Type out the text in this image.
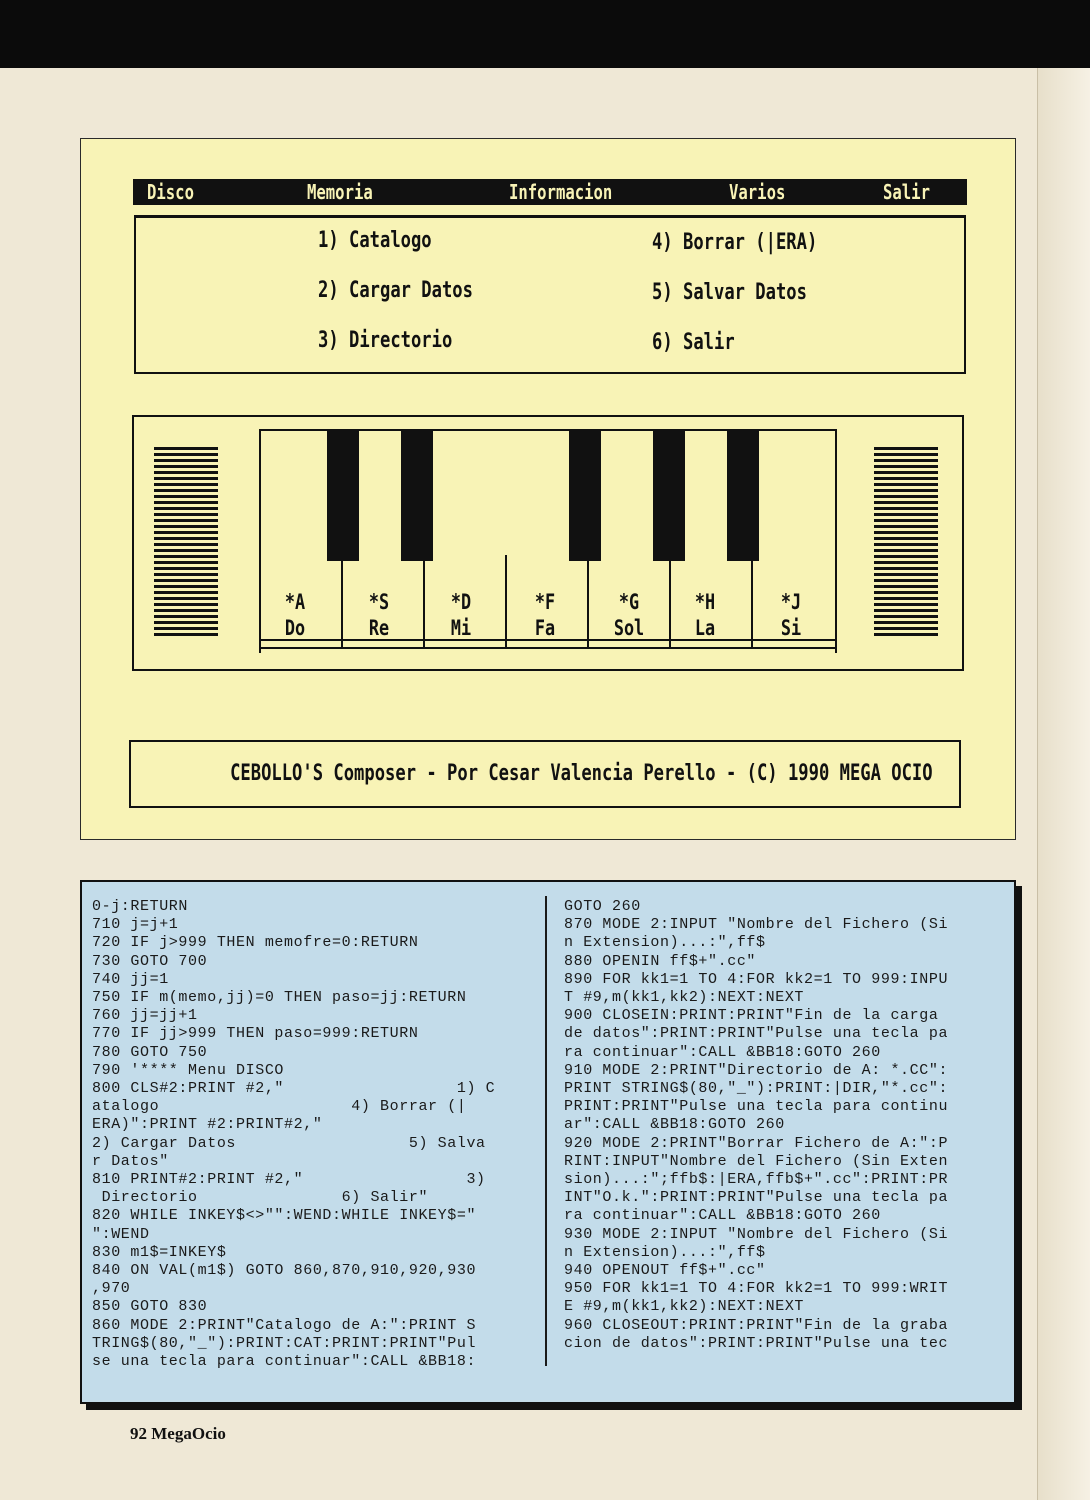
Disco	Memoria	Informacion	Varios	Salir
1) Catalogo
2) Cargar Datos
3) Directorio
4) Borrar (|ERA)
5) Salvar Datos
6) Salir
*A
Do
*S
Re
*D
Mi
*F
Fa
*G
Sol
*H
La
*J
Si
CEBOLLO'S Composer - Por Cesar Valencia Perello - (C) 1990 MEGA OCIO
0-j:RETURN
710 j=j+1
720 IF j>999 THEN memofre=0:RETURN
730 GOTO 700
740 jj=1
750 IF m(memo,jj)=0 THEN paso=jj:RETURN
760 jj=jj+1
770 IF jj>999 THEN paso=999:RETURN
780 GOTO 750
790 '**** Menu DISCO
800 CLS#2:PRINT #2,"                  1) C
atalogo                    4) Borrar (|
ERA)":PRINT #2:PRINT#2,"
2) Cargar Datos                  5) Salva
r Datos"
810 PRINT#2:PRINT #2,"                 3)
Directorio               6) Salir"
820 WHILE INKEY$<>"":WEND:WHILE INKEY$="
":WEND
830 m1$=INKEY$
840 ON VAL(m1$) GOTO 860,870,910,920,930
,970
850 GOTO 830
860 MODE 2:PRINT"Catalogo de A:":PRINT S
TRING$(80,"_"):PRINT:CAT:PRINT:PRINT"Pul
se una tecla para continuar":CALL &BB18:
GOTO 260
870 MODE 2:INPUT "Nombre del Fichero (Si
n Extension)...:",ff$
880 OPENIN ff$+".cc"
890 FOR kk1=1 TO 4:FOR kk2=1 TO 999:INPU
T #9,m(kk1,kk2):NEXT:NEXT
900 CLOSEIN:PRINT:PRINT"Fin de la carga
de datos":PRINT:PRINT"Pulse una tecla pa
ra continuar":CALL &BB18:GOTO 260
910 MODE 2:PRINT"Directorio de A: *.CC":
PRINT STRING$(80,"_"):PRINT:|DIR,"*.cc":
PRINT:PRINT"Pulse una tecla para continu
ar":CALL &BB18:GOTO 260
920 MODE 2:PRINT"Borrar Fichero de A:":P
RINT:INPUT"Nombre del Fichero (Sin Exten
sion)...:";ffb$:|ERA,ffb$+".cc":PRINT:PR
INT"O.k.":PRINT:PRINT"Pulse una tecla pa
ra continuar":CALL &BB18:GOTO 260
930 MODE 2:INPUT "Nombre del Fichero (Si
n Extension)...:",ff$
940 OPENOUT ff$+".cc"
950 FOR kk1=1 TO 4:FOR kk2=1 TO 999:WRIT
E #9,m(kk1,kk2):NEXT:NEXT
960 CLOSEOUT:PRINT:PRINT"Fin de la graba
cion de datos":PRINT:PRINT"Pulse una tec
92 MegaOcio
